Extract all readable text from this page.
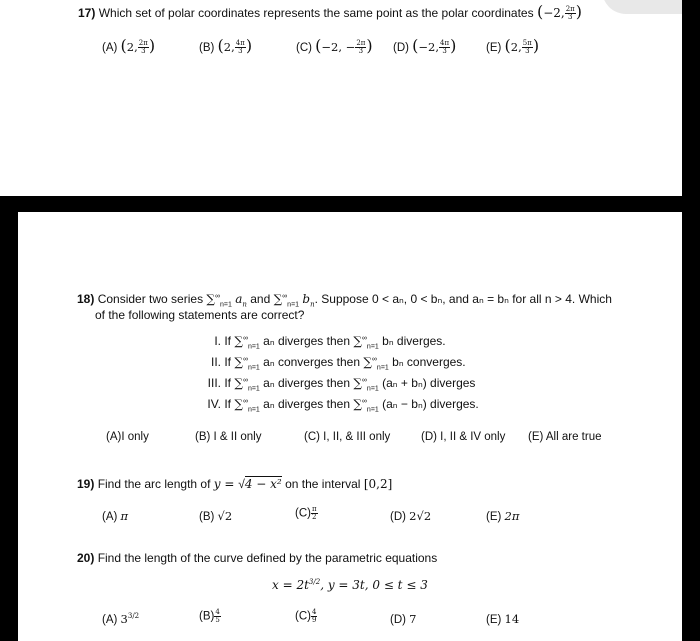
17) Which set of polar coordinates represents the same point as the polar coordinates (−2, $\frac{2\pi}{3}$ )
(A) (2, $\frac{2\pi}{3}$ )	(B) (2, $\frac{4\pi}{3}$ )	(C) (−2, − $\frac{2\pi}{3}$ ) (D) (−2, $\frac{4\pi}{3}$ )	(E) (2, $\frac{5\pi}{3}$ )
18) Consider two series $\sum^\infty_{n=1}$ $a_n$ and $\sum^\infty_{n=1}$ $b_n$. Suppose 0 < aₙ, 0 < bₙ, and aₙ = bₙ for all n > 4. Which
of the following statements are correct?
I. If $\sum^\infty_{n=1}$ aₙ diverges then $\sum^\infty_{n=1}$ bₙ diverges.
II. If $\sum^\infty_{n=1}$ aₙ converges then $\sum^\infty_{n=1}$ bₙ converges.
III. If $\sum^\infty_{n=1}$ aₙ diverges then $\sum^\infty_{n=1}$ (aₙ + bₙ) diverges
IV. If $\sum^\infty_{n=1}$ aₙ diverges then $\sum^\infty_{n=1}$ (aₙ − bₙ) diverges.
(A)I only	(B) I & II only	(C) I, II, & III only	(D) I, II & IV only (E) All are true
19) Find the arc length of y = √4 − x² on the interval [0,2]
(A) π	(B) √2	$(C) \frac{\pi}{2}$	(D) 2√2	(E) 2π
20) Find the length of the curve defined by the parametric equations
$x = 2t^{3/2}$, y = 3t, 0 ≤ t ≤ 3
(A) $3^{3/2}$	$(B) \frac{4}{5}$	$(C) \frac{4}{9}$	(D) 7	(E) 14
